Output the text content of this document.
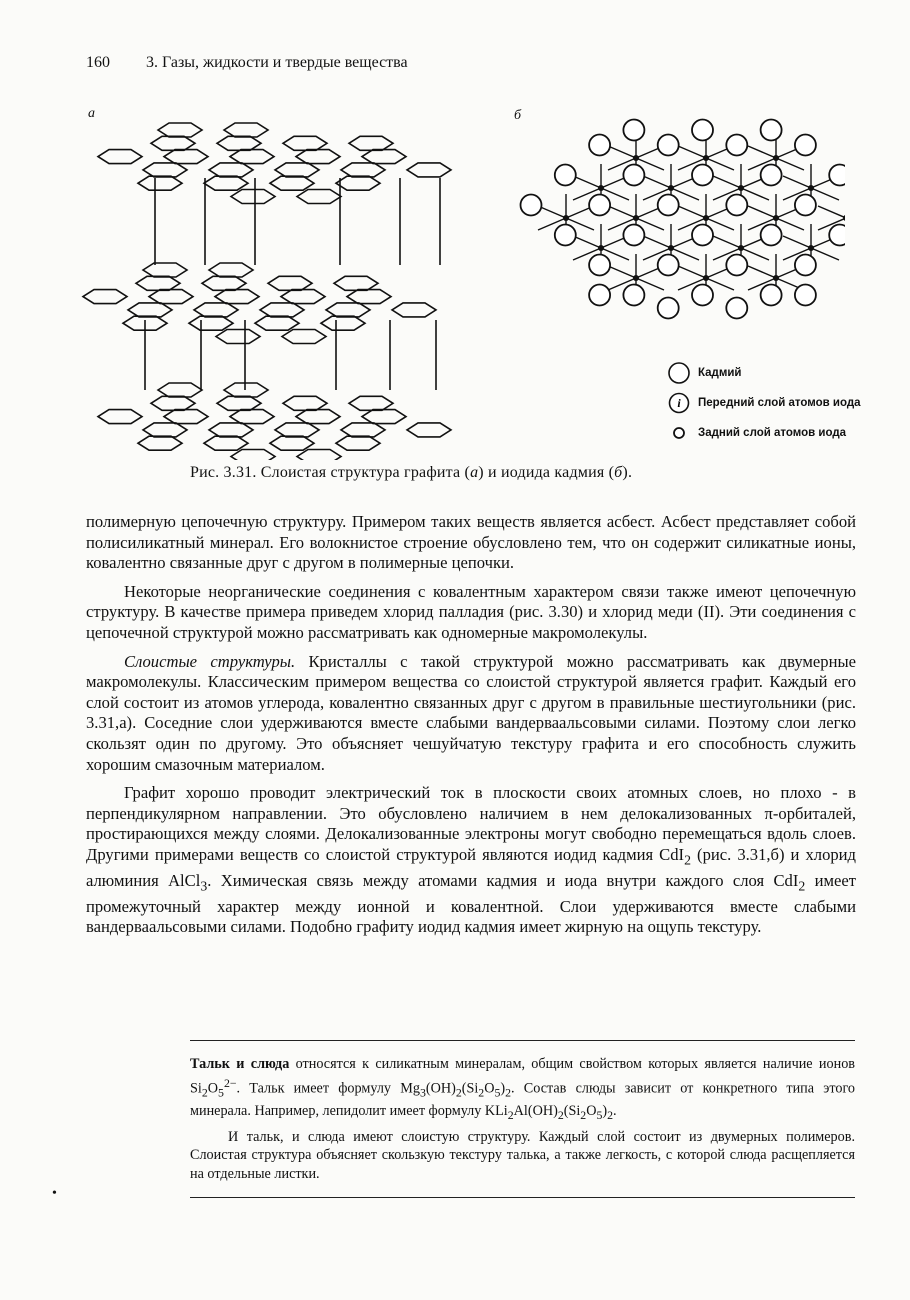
160 3. Газы, жидкости и твердые вещества
а	б
Кадмий
i Передний слой атомов иода
Задний слой атомов иода
Рис. 3.31. Слоистая структура графита (а) и иодида кадмия (б).

полимерную цепочечную структуру. Примером таких веществ является асбест. Асбест представляет собой полисиликатный минерал. Его волокнистое строение обусловлено тем, что он содержит силикатные ионы, ковалентно связанные друг с другом в полимерные цепочки.

Некоторые неорганические соединения с ковалентным характером связи также имеют цепочечную структуру. В качестве примера приведем хлорид палладия (рис. 3.30) и хлорид меди (II). Эти соединения с цепочечной структурой можно рассматривать как одномерные макромолекулы.

Слоистые структуры. Кристаллы с такой структурой можно рассматривать как двумерные макромолекулы. Классическим примером вещества со слоистой структурой является графит. Каждый его слой состоит из атомов углерода, ковалентно связанных друг с другом в правильные шестиугольники (рис. 3.31,а). Соседние слои удерживаются вместе слабыми вандерваальсовыми силами. Поэтому слои легко скользят один по другому. Это объясняет чешуйчатую текстуру графита и его способность служить хорошим смазочным материалом.

Графит хорошо проводит электрический ток в плоскости своих атомных слоев, но плохо - в перпендикулярном направлении. Это обусловлено наличием в нем делокализованных π-орбиталей, простирающихся между слоями. Делокализованные электроны могут свободно перемещаться вдоль слоев. Другими примерами веществ со слоистой структурой являются иодид кадмия CdI$_2$ (рис. 3.31,б) и хлорид алюминия AlCl$_3$. Химическая связь между атомами кадмия и иода внутри каждого слоя CdI$_2$ имеет промежуточный характер между ионной и ковалентной. Слои удерживаются вместе слабыми вандерваальсовыми силами. Подобно графиту иодид кадмия имеет жирную на ощупь текстуру.

Тальк и слюда относятся к силикатным минералам, общим свойством которых является наличие ионов $Si_2O_5^{2-}$. Тальк имеет формулу $Mg_3(OH)_2(Si_2O_5)_2$. Состав слюды зависит от конкретного типа этого минерала. Например, лепидолит имеет формулу $KLi_2Al(OH)_2(Si_2O_5)_2$.

И тальк, и слюда имеют слоистую структуру. Каждый слой состоит из двумерных полимеров. Слоистая структура объясняет скользкую текстуру талька, а также легкость, с которой слюда расщепляется на отдельные листки.

•
